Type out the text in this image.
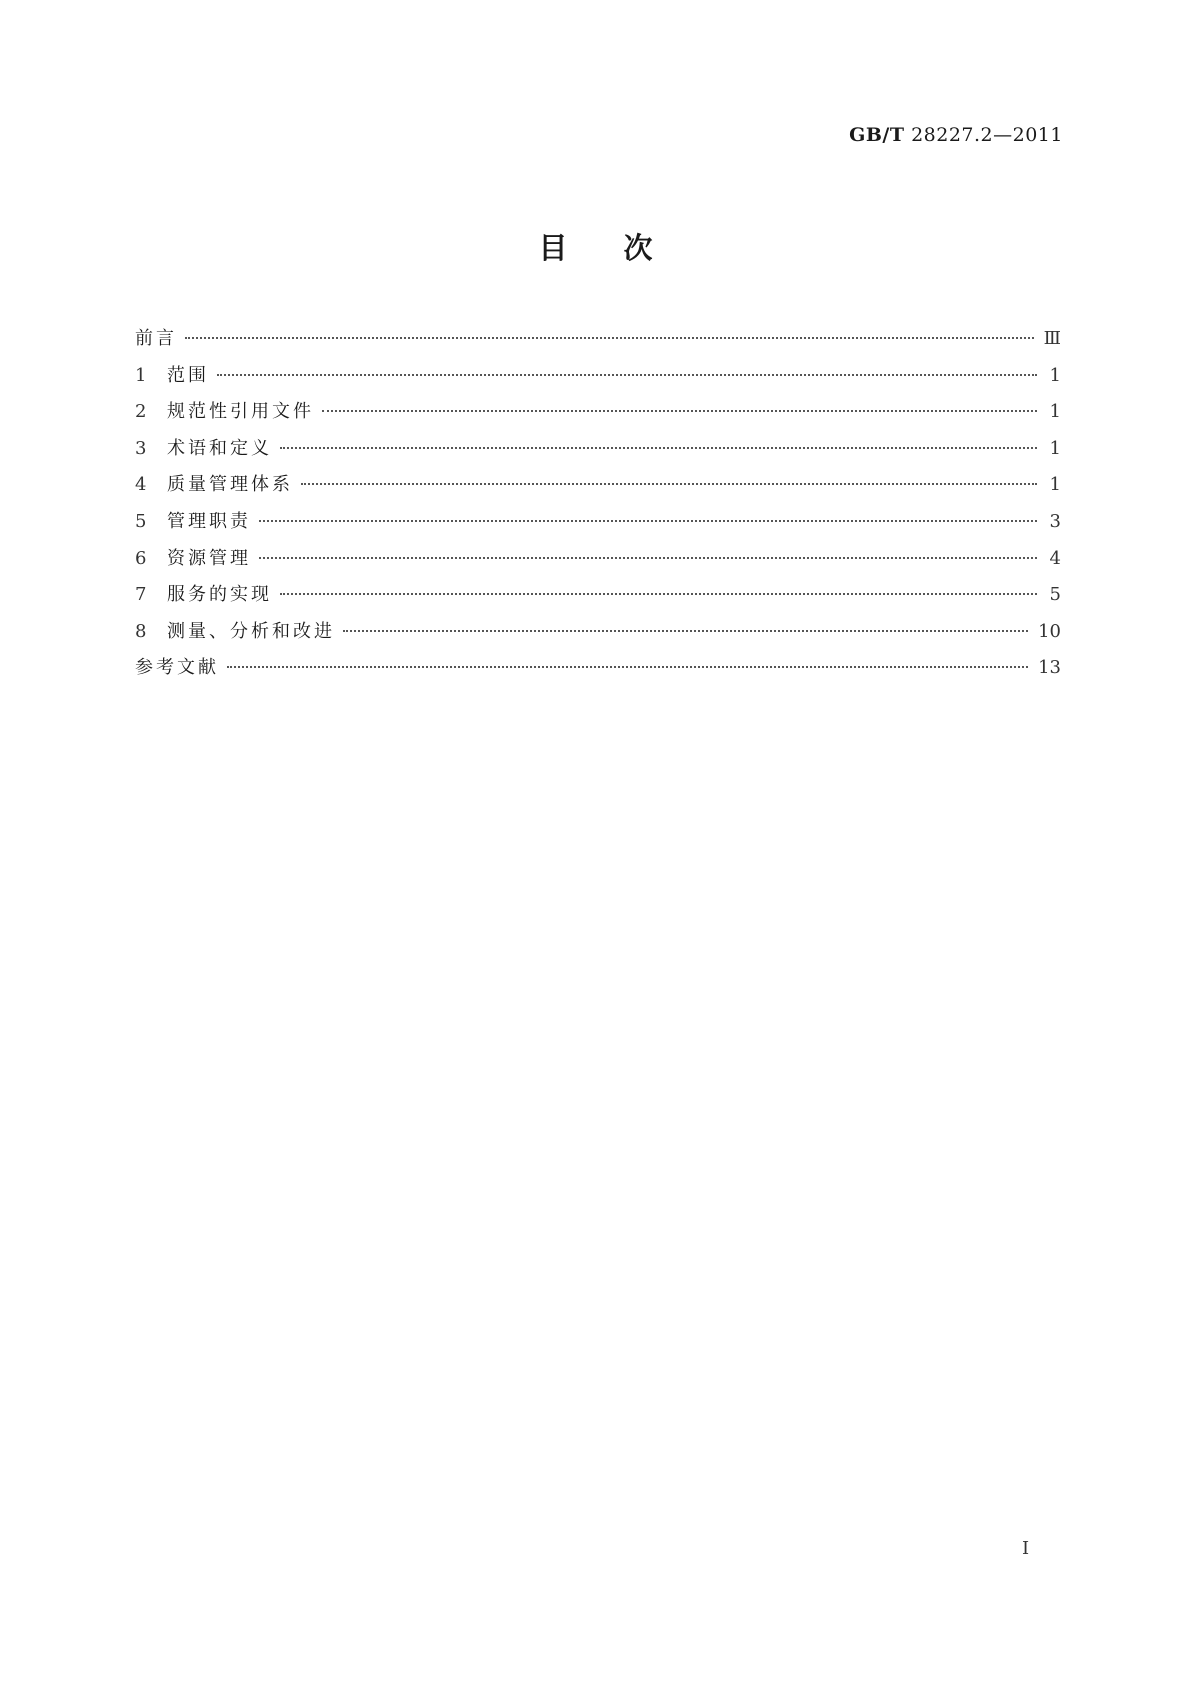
GB/T 28227.2—2011
目次
前言	Ⅲ
1	范围	1
2	规范性引用文件	1
3	术语和定义	1
4	质量管理体系	1
5	管理职责	3
6	资源管理	4
7	服务的实现	5
8	测量、分析和改进	10
参考文献	13
I
